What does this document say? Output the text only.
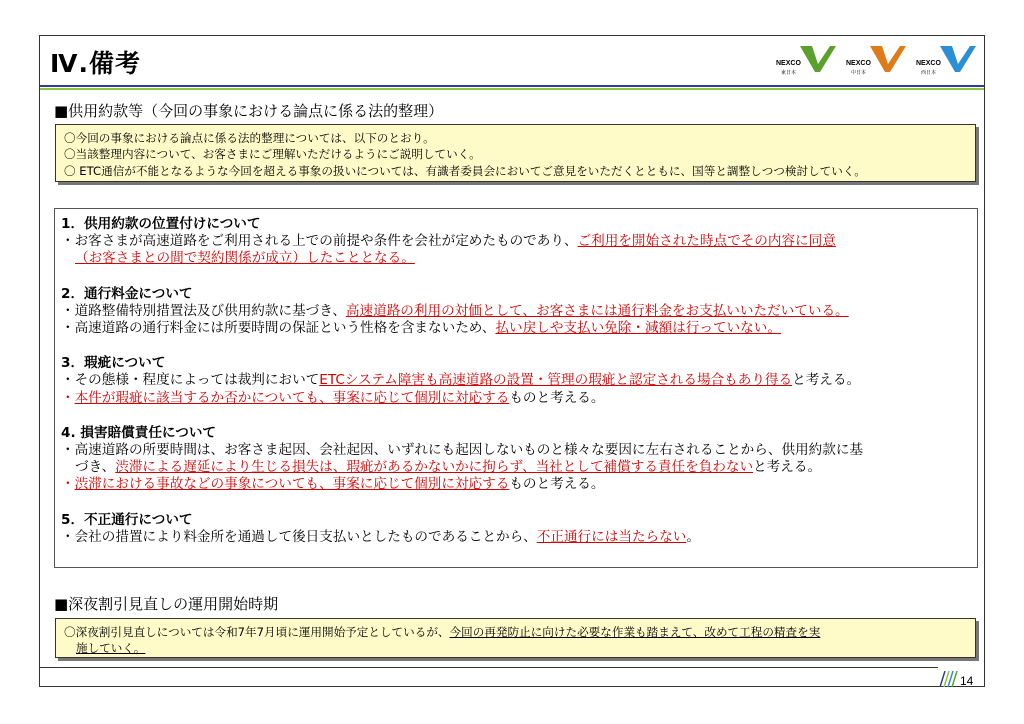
Ⅳ.備考	NEXCO
東日本
NEXCO
中日本
NEXCO
西日本
■供用約款等（今回の事象における論点に係る法的整理）
〇今回の事象における論点に係る法的整理については、以下のとおり。
〇当該整理内容について、お客さまにご理解いただけるようにご説明していく。
〇 ETC通信が不能となるような今回を超える事象の扱いについては、有識者委員会においてご意見をいただくとともに、国等と調整しつつ検討していく。
1．供用約款の位置付けについて
・お客さまが高速道路をご利用される上での前提や条件を会社が定めたものであり、ご利用を開始された時点でその内容に同意
（お客さまとの間で契約関係が成立）したこととなる。
2．通行料金について
・道路整備特別措置法及び供用約款に基づき、高速道路の利用の対価として、お客さまには通行料金をお支払いいただいている。
・高速道路の通行料金には所要時間の保証という性格を含まないため、払い戻しや支払い免除・減額は行っていない。
3．瑕疵について
・その態様・程度によっては裁判においてETCシステム障害も高速道路の設置・管理の瑕疵と認定される場合もあり得ると考える。
・本件が瑕疵に該当するか否かについても、事案に応じて個別に対応するものと考える。
4. 損害賠償責任について
・高速道路の所要時間は、お客さま起因、会社起因、いずれにも起因しないものと様々な要因に左右されることから、供用約款に基
づき、渋滞による遅延により生じる損失は、瑕疵があるかないかに拘らず、当社として補償する責任を負わないと考える。
・渋滞における事故などの事象についても、事案に応じて個別に対応するものと考える。
5．不正通行について
・会社の措置により料金所を通過して後日支払いとしたものであることから、不正通行には当たらない。
■深夜割引見直しの運用開始時期
〇深夜割引見直しについては令和7年7月頃に運用開始予定としているが、今回の再発防止に向けた必要な作業も踏まえて、改めて工程の精査を実
施していく。
14
